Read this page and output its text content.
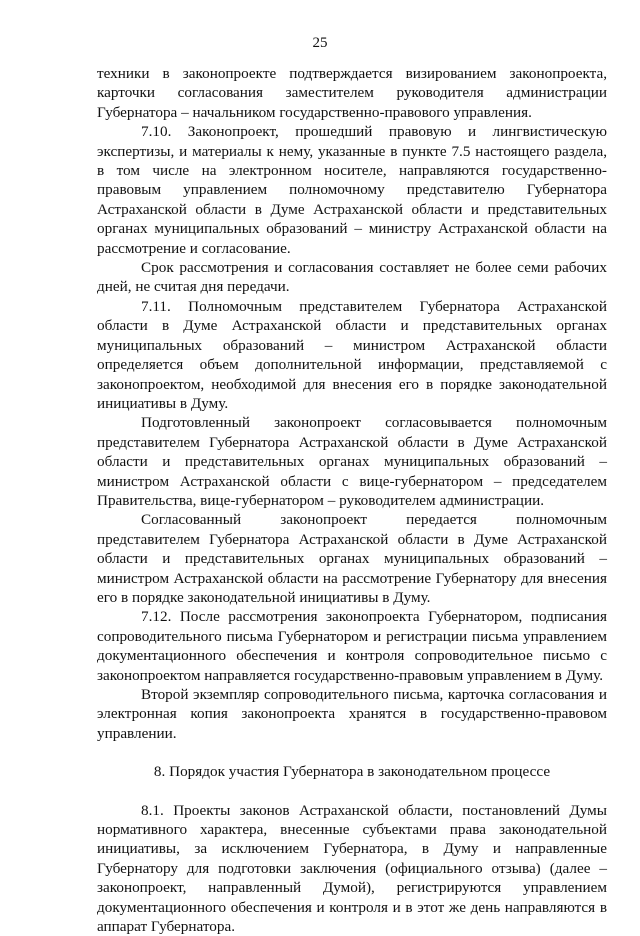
25

техники в законопроекте подтверждается визированием законопроекта, карточки согласования заместителем руководителя администрации Губернатора – начальником государственно-правового управления.

7.10. Законопроект, прошедший правовую и лингвистическую экспертизы, и материалы к нему, указанные в пункте 7.5 настоящего раздела, в том числе на электронном носителе, направляются государственно-правовым управлением полномочному представителю Губернатора Астраханской области в Думе Астраханской области и представительных органах муниципальных образований – министру Астраханской области на рассмотрение и согласование.

Срок рассмотрения и согласования составляет не более семи рабочих дней, не считая дня передачи.

7.11. Полномочным представителем Губернатора Астраханской области в Думе Астраханской области и представительных органах муниципальных образований – министром Астраханской области определяется объем дополнительной информации, представляемой с законопроектом, необходимой для внесения его в порядке законодательной инициативы в Думу.

Подготовленный законопроект согласовывается полномочным представителем Губернатора Астраханской области в Думе Астраханской области и представительных органах муниципальных образований – министром Астраханской области с вице-губернатором – председателем Правительства, вице-губернатором – руководителем администрации.

Согласованный законопроект передается полномочным представителем Губернатора Астраханской области в Думе Астраханской области и представительных органах муниципальных образований – министром Астраханской области на рассмотрение Губернатору для внесения его в порядке законодательной инициативы в Думу.

7.12. После рассмотрения законопроекта Губернатором, подписания сопроводительного письма Губернатором и регистрации письма управлением документационного обеспечения и контроля сопроводительное письмо с законопроектом направляется государственно-правовым управлением в Думу.

Второй экземпляр сопроводительного письма, карточка согласования и электронная копия законопроекта хранятся в государственно-правовом управлении.

8. Порядок участия Губернатора в законодательном процессе

8.1. Проекты законов Астраханской области, постановлений Думы нормативного характера, внесенные субъектами права законодательной инициативы, за исключением Губернатора, в Думу и направленные Губернатору для подготовки заключения (официального отзыва) (далее – законопроект, направленный Думой), регистрируются управлением документационного обеспечения и контроля и в этот же день направляются в аппарат Губернатора.
